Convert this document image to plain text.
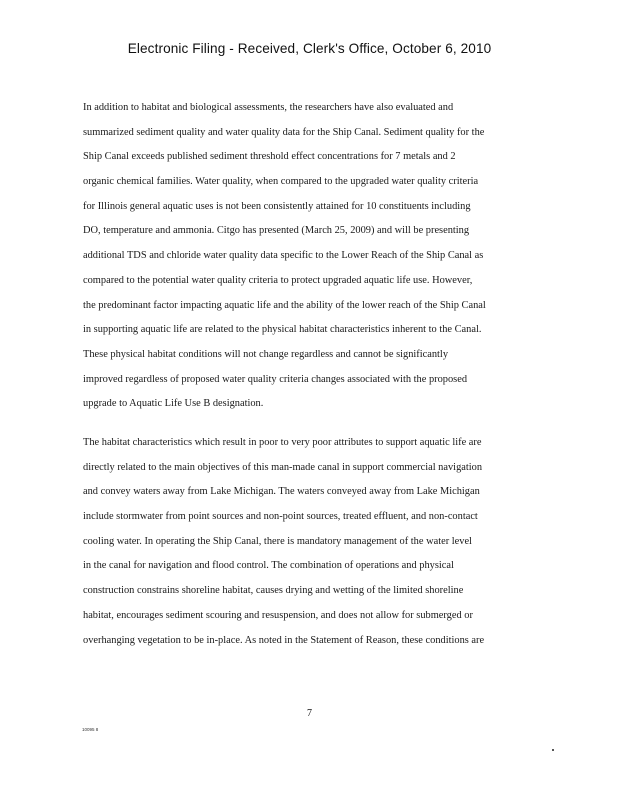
Electronic Filing - Received, Clerk's Office, October 6, 2010
In addition to habitat and biological assessments, the researchers have also evaluated and
summarized sediment quality and water quality data for the Ship Canal. Sediment quality for the
Ship Canal exceeds published sediment threshold effect concentrations for 7 metals and 2
organic chemical families. Water quality, when compared to the upgraded water quality criteria
for Illinois general aquatic uses is not been consistently attained for 10 constituents including
DO, temperature and ammonia. Citgo has presented (March 25, 2009) and will be presenting
additional TDS and chloride water quality data specific to the Lower Reach of the Ship Canal as
compared to the potential water quality criteria to protect upgraded aquatic life use. However,
the predominant factor impacting aquatic life and the ability of the lower reach of the Ship Canal
in supporting aquatic life are related to the physical habitat characteristics inherent to the Canal.
These physical habitat conditions will not change regardless and cannot be significantly
improved regardless of proposed water quality criteria changes associated with the proposed
upgrade to Aquatic Life Use B designation.
The habitat characteristics which result in poor to very poor attributes to support aquatic life are
directly related to the main objectives of this man-made canal in support commercial navigation
and convey waters away from Lake Michigan. The waters conveyed away from Lake Michigan
include stormwater from point sources and non-point sources, treated effluent, and non-contact
cooling water. In operating the Ship Canal, there is mandatory management of the water level
in the canal for navigation and flood control. The combination of operations and physical
construction constrains shoreline habitat, causes drying and wetting of the limited shoreline
habitat, encourages sediment scouring and resuspension, and does not allow for submerged or
overhanging vegetation to be in-place. As noted in the Statement of Reason, these conditions are
7
10095 8
